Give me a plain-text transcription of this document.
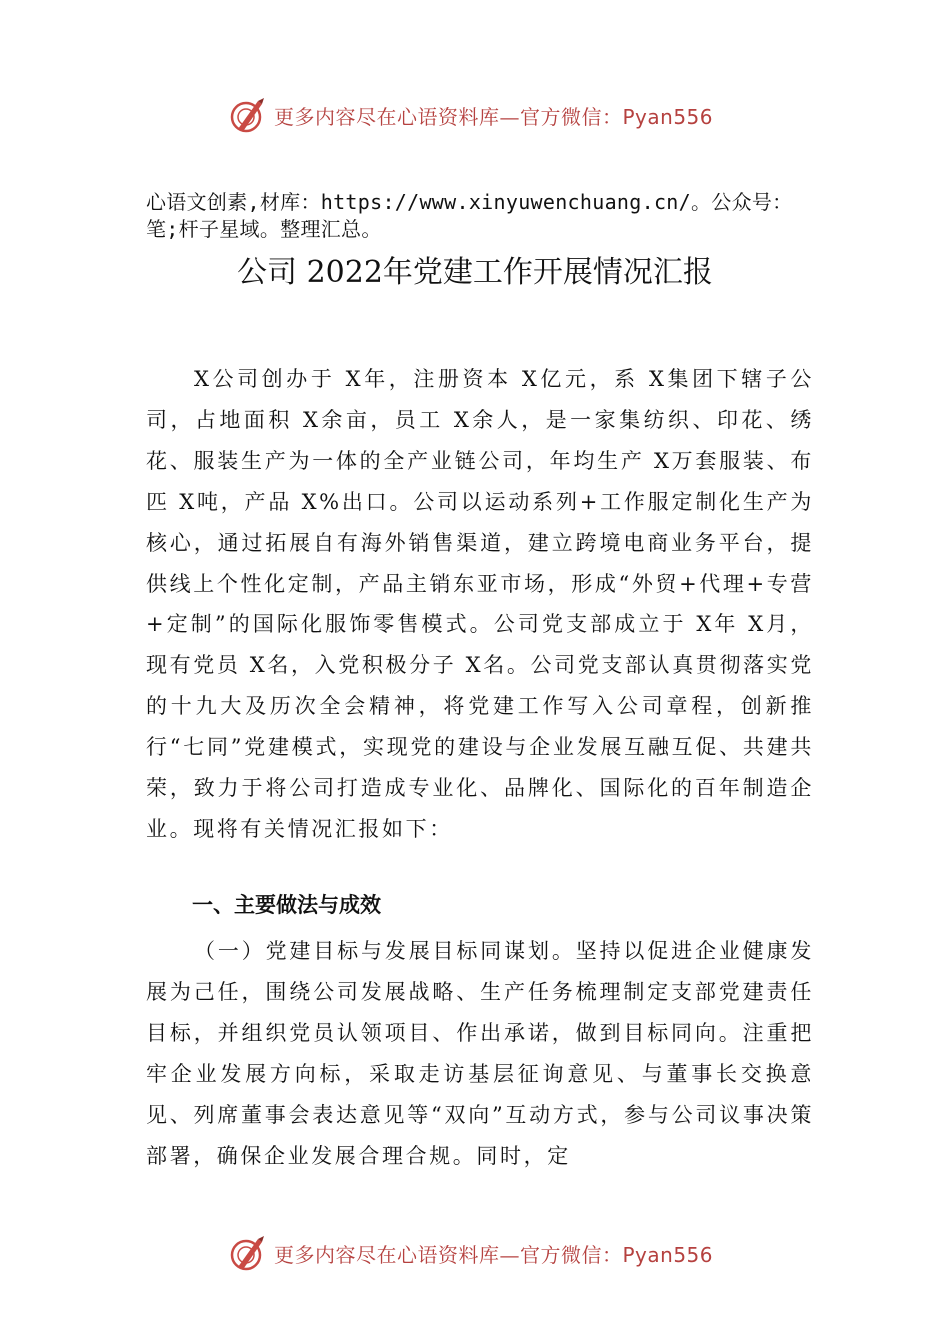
更多内容尽在心语资料库—官方微信：Pyan556
心语文创素,材库：https://www.xinyuwenchuang.cn/。公众号：笔;杆子星域。整理汇总。
公司 2022年党建工作开展情况汇报

X公司创办于 X年，注册资本 X亿元，系 X集团下辖子公司，占地面积 X余亩，员工 X余人，是一家集纺织、印花、绣花、服装生产为一体的全产业链公司，年均生产 X万套服装、布匹 X吨，产品 X%出口。公司以运动系列+工作服定制化生产为核心，通过拓展自有海外销售渠道，建立跨境电商业务平台，提供线上个性化定制，产品主销东亚市场，形成“外贸+代理+专营+定制”的国际化服饰零售模式。公司党支部成立于 X年 X月，现有党员 X名，入党积极分子 X名。公司党支部认真贯彻落实党的十九大及历次全会精神，将党建工作写入公司章程，创新推行“七同”党建模式，实现党的建设与企业发展互融互促、共建共荣，致力于将公司打造成专业化、品牌化、国际化的百年制造企业。现将有关情况汇报如下：

一、主要做法与成效

（一）党建目标与发展目标同谋划。坚持以促进企业健康发展为己任，围绕公司发展战略、生产任务梳理制定支部党建责任目标，并组织党员认领项目、作出承诺，做到目标同向。注重把牢企业发展方向标，采取走访基层征询意见、与董事长交换意见、列席董事会表达意见等“双向”互动方式，参与公司议事决策部署，确保企业发展合理合规。同时，定

更多内容尽在心语资料库—官方微信：Pyan556
